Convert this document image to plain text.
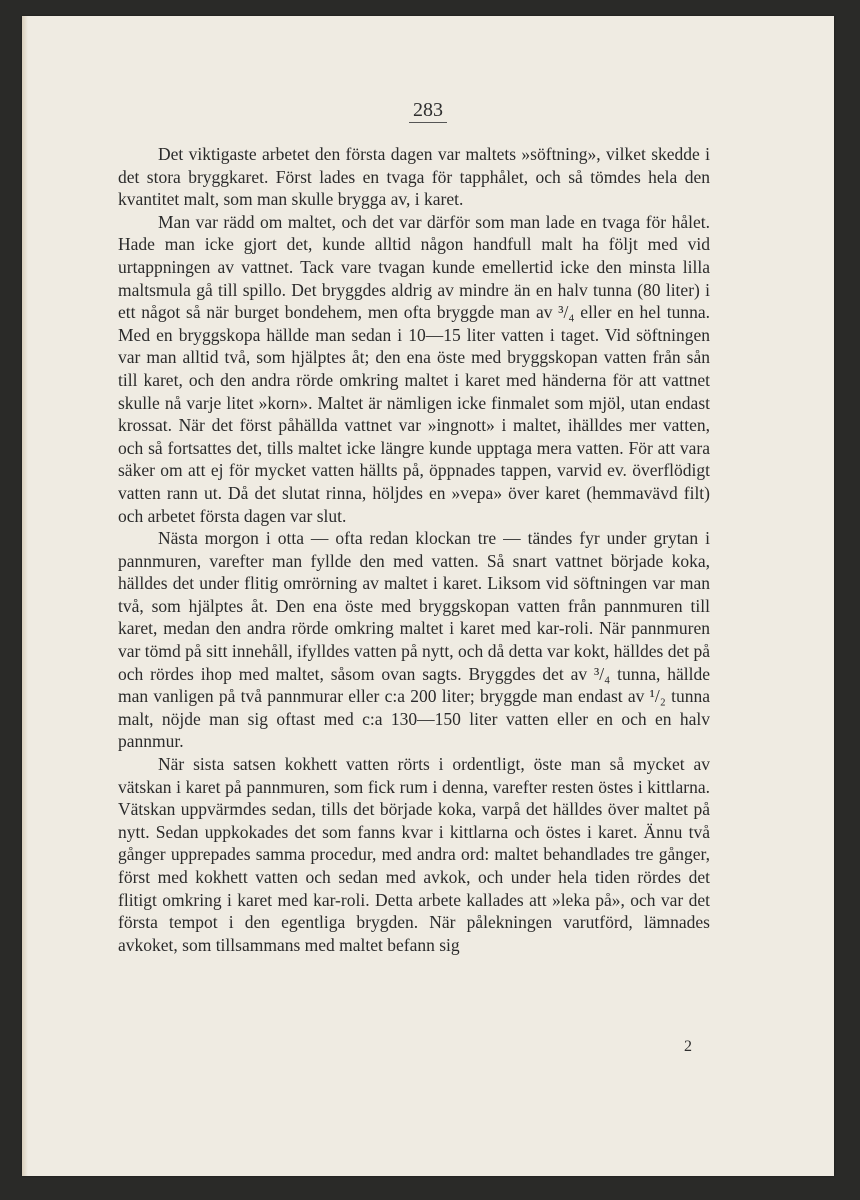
283

Det viktigaste arbetet den första dagen var maltets »söftning», vilket skedde i det stora bryggkaret. Först lades en tvaga för tapphålet, och så tömdes hela den kvantitet malt, som man skulle brygga av, i karet.

Man var rädd om maltet, och det var därför som man lade en tvaga för hålet. Hade man icke gjort det, kunde alltid någon handfull malt ha följt med vid urtappningen av vattnet. Tack vare tvagan kunde emellertid icke den minsta lilla maltsmula gå till spillo. Det bryggdes aldrig av mindre än en halv tunna (80 liter) i ett något så när burget bondehem, men ofta bryggde man av ³/₄ eller en hel tunna. Med en bryggskopa hällde man sedan i 10—15 liter vatten i taget. Vid söftningen var man alltid två, som hjälptes åt; den ena öste med bryggskopan vatten från sån till karet, och den andra rörde omkring maltet i karet med händerna för att vattnet skulle nå varje litet »korn». Maltet är nämligen icke finmalet som mjöl, utan endast krossat. När det först påhällda vattnet var »ingnott» i maltet, ihälldes mer vatten, och så fortsattes det, tills maltet icke längre kunde upptaga mera vatten. För att vara säker om att ej för mycket vatten hällts på, öppnades tappen, varvid ev. överflödigt vatten rann ut. Då det slutat rinna, höljdes en »vepa» över karet (hemmavävd filt) och arbetet första dagen var slut.

Nästa morgon i otta — ofta redan klockan tre — tändes fyr under grytan i pannmuren, varefter man fyllde den med vatten. Så snart vattnet började koka, hälldes det under flitig omrörning av maltet i karet. Liksom vid söftningen var man två, som hjälptes åt. Den ena öste med bryggskopan vatten från pannmuren till karet, medan den andra rörde omkring maltet i karet med kar-roli. När pannmuren var tömd på sitt innehåll, ifylldes vatten på nytt, och då detta var kokt, hälldes det på och rördes ihop med maltet, såsom ovan sagts. Bryggdes det av ³/₄ tunna, hällde man vanligen på två pannmurar eller c:a 200 liter; bryggde man endast av ¹/₂ tunna malt, nöjde man sig oftast med c:a 130—150 liter vatten eller en och en halv pannmur.

När sista satsen kokhett vatten rörts i ordentligt, öste man så mycket av vätskan i karet på pannmuren, som fick rum i denna, varefter resten östes i kittlarna. Vätskan uppvärmdes sedan, tills det började koka, varpå det hälldes över maltet på nytt. Sedan uppkokades det som fanns kvar i kittlarna och östes i karet. Ännu två gånger upprepades samma procedur, med andra ord: maltet behandlades tre gånger, först med kokhett vatten och sedan med avkok, och under hela tiden rördes det flitigt omkring i karet med kar-roli. Detta arbete kallades att »leka på», och var det första tempot i den egentliga brygden. När pålekningen varutförd, lämnades avkoket, som tillsammans med maltet befann sig

2
